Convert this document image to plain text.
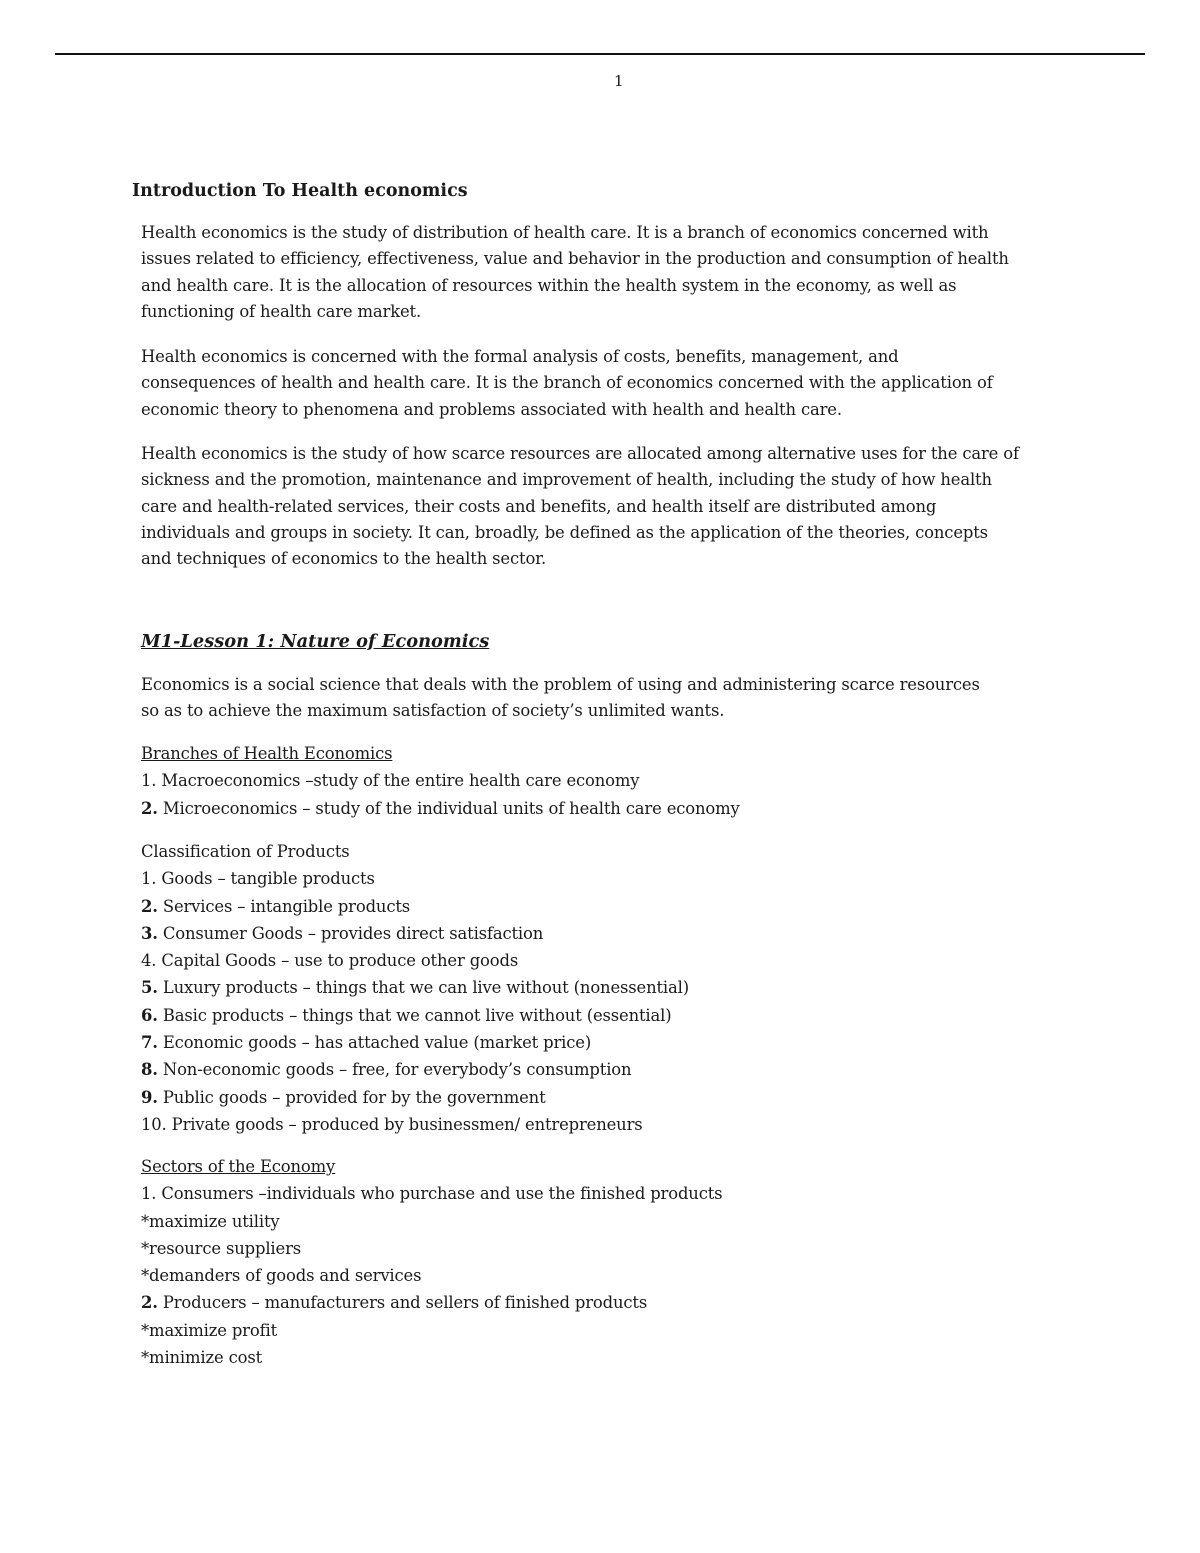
1
Introduction To Health economics

Health economics is the study of distribution of health care. It is a branch of economics concerned with
issues related to efficiency, effectiveness, value and behavior in the production and consumption of health
and health care. It is the allocation of resources within the health system in the economy, as well as
functioning of health care market.

Health economics is concerned with the formal analysis of costs, benefits, management, and
consequences of health and health care. It is the branch of economics concerned with the application of
economic theory to phenomena and problems associated with health and health care.

Health economics is the study of how scarce resources are allocated among alternative uses for the care of
sickness and the promotion, maintenance and improvement of health, including the study of how health
care and health-related services, their costs and benefits, and health itself are distributed among
individuals and groups in society. It can, broadly, be defined as the application of the theories, concepts
and techniques of economics to the health sector.

M1-Lesson 1: Nature of Economics

Economics is a social science that deals with the problem of using and administering scarce resources
so as to achieve the maximum satisfaction of society’s unlimited wants.

Branches of Health Economics
1. Macroeconomics –study of the entire health care economy
2. Microeconomics – study of the individual units of health care economy
Classification of Products
1. Goods – tangible products
2. Services – intangible products
3. Consumer Goods – provides direct satisfaction
4. Capital Goods – use to produce other goods
5. Luxury products – things that we can live without (nonessential)
6. Basic products – things that we cannot live without (essential)
7. Economic goods – has attached value (market price)
8. Non-economic goods – free, for everybody’s consumption
9. Public goods – provided for by the government
10. Private goods – produced by businessmen/ entrepreneurs
Sectors of the Economy
1. Consumers –individuals who purchase and use the finished products
*maximize utility
*resource suppliers
*demanders of goods and services
2. Producers – manufacturers and sellers of finished products
*maximize profit
*minimize cost
